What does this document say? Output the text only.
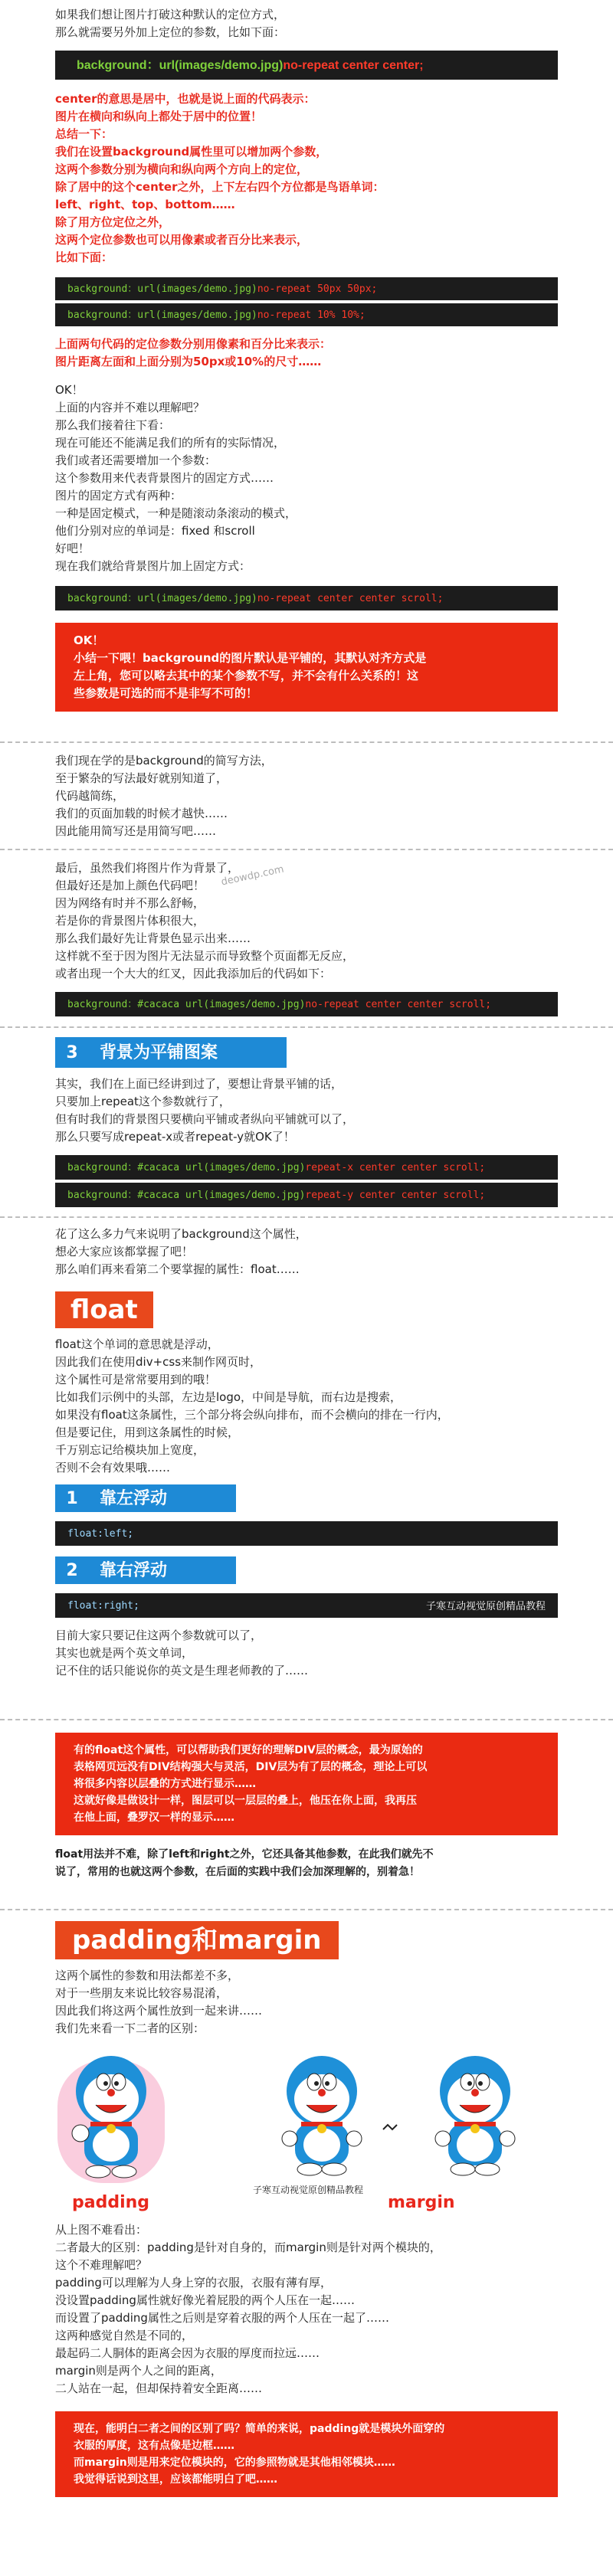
如果我们想让图片打破这种默认的定位方式，

那么就需要另外加上定位的参数，比如下面：

background：url(images/demo.jpg) no-repeat center center;

center的意思是居中，也就是说上面的代码表示：

图片在横向和纵向上都处于居中的位置！

总结一下：

我们在设置background属性里可以增加两个参数，

这两个参数分别为横向和纵向两个方向上的定位，

除了居中的这个center之外，上下左右四个方位都是鸟语单词：

left、right、top、bottom……

除了用方位定位之外，

这两个定位参数也可以用像素或者百分比来表示，

比如下面：

background：url(images/demo.jpg) no-repeat 50px 50px;
background：url(images/demo.jpg) no-repeat 10% 10%;

上面两句代码的定位参数分别用像素和百分比来表示：

图片距离左面和上面分别为50px或10%的尺寸……

OK！

上面的内容并不难以理解吧？

那么我们接着往下看：

现在可能还不能满足我们的所有的实际情况，

我们或者还需要增加一个参数：

这个参数用来代表背景图片的固定方式……

图片的固定方式有两种：

一种是固定模式，一种是随滚动条滚动的模式，

他们分别对应的单词是：fixed 和scroll

好吧！

现在我们就给背景图片加上固定方式：

background：url(images/demo.jpg) no-repeat center center scroll;

OK！

小结一下喂！background的图片默认是平铺的，其默认对齐方式是

左上角，您可以略去其中的某个参数不写，并不会有什么关系的！这

些参数是可选的而不是非写不可的！

我们现在学的是background的简写方法，

至于繁杂的写法最好就别知道了，

代码越简练，

我们的页面加载的时候才越快……

因此能用简写还是用简写吧……

最后，虽然我们将图片作为背景了，

但最好还是加上颜色代码吧！

因为网络有时并不那么舒畅，

若是你的背景图片体积很大，

那么我们最好先让背景色显示出来……

这样就不至于因为图片无法显示而导致整个页面都无反应，

或者出现一个大大的红叉，因此我添加后的代码如下：

background：#cacaca url(images/demo.jpg) no-repeat center center scroll;
deowdp.com
3	背景为平铺图案

其实，我们在上面已经讲到过了，要想让背景平铺的话，

只要加上repeat这个参数就行了，

但有时我们的背景图只要横向平铺或者纵向平铺就可以了，

那么只要写成repeat-x或者repeat-y就OK了！

background：#cacaca url(images/demo.jpg) repeat-x center center scroll;
background：#cacaca url(images/demo.jpg) repeat-y center center scroll;

花了这么多力气来说明了background这个属性，

想必大家应该都掌握了吧！

那么咱们再来看第二个要掌握的属性：float……

float

float这个单词的意思就是浮动，

因此我们在使用div+css来制作网页时，

这个属性可是常常要用到的哦！

比如我们示例中的头部，左边是logo，中间是导航，而右边是搜索，

如果没有float这条属性，三个部分将会纵向排布，而不会横向的排在一行内，

但是要记住，用到这条属性的时候，

千万别忘记给模块加上宽度，

否则不会有效果哦……

1	靠左浮动
float:left;
2	靠右浮动
float:right;	子寒互动视觉原创精品教程

目前大家只要记住这两个参数就可以了，

其实也就是两个英文单词，

记不住的话只能说你的英文是生理老师教的了……

有的float这个属性，可以帮助我们更好的理解DIV层的概念，最为原始的

表格网页远没有DIV结构强大与灵活，DIV层为有了层的概念，理论上可以

将很多内容以层叠的方式进行显示……

这就好像是做设计一样，图层可以一层层的叠上，他压在你上面，我再压

在他上面，叠罗汉一样的显示……

float用法并不难，除了left和right之外，它还具备其他参数，在此我们就先不

说了，常用的也就这两个参数，在后面的实践中我们会加深理解的，别着急！

padding和margin

这两个属性的参数和用法都差不多，

对于一些朋友来说比较容易混淆，

因此我们将这两个属性放到一起来讲……

我们先来看一下二者的区别：

子寒互动视觉原创精品教程
padding	margin

从上图不难看出：

二者最大的区别：padding是针对自身的，而margin则是针对两个模块的，

这个不难理解吧？

padding可以理解为人身上穿的衣服，衣服有薄有厚，

没设置padding属性就好像光着屁股的两个人压在一起……

而设置了padding属性之后则是穿着衣服的两个人压在一起了……

这两种感觉自然是不同的，

最起码二人胴体的距离会因为衣服的厚度而拉远……

margin则是两个人之间的距离，

二人站在一起，但却保持着安全距离……

现在，能明白二者之间的区别了吗？简单的来说，padding就是模块外面穿的

衣服的厚度，这有点像是边框……

而margin则是用来定位模块的，它的参照物就是其他相邻模块……

我觉得话说到这里，应该都能明白了吧……
